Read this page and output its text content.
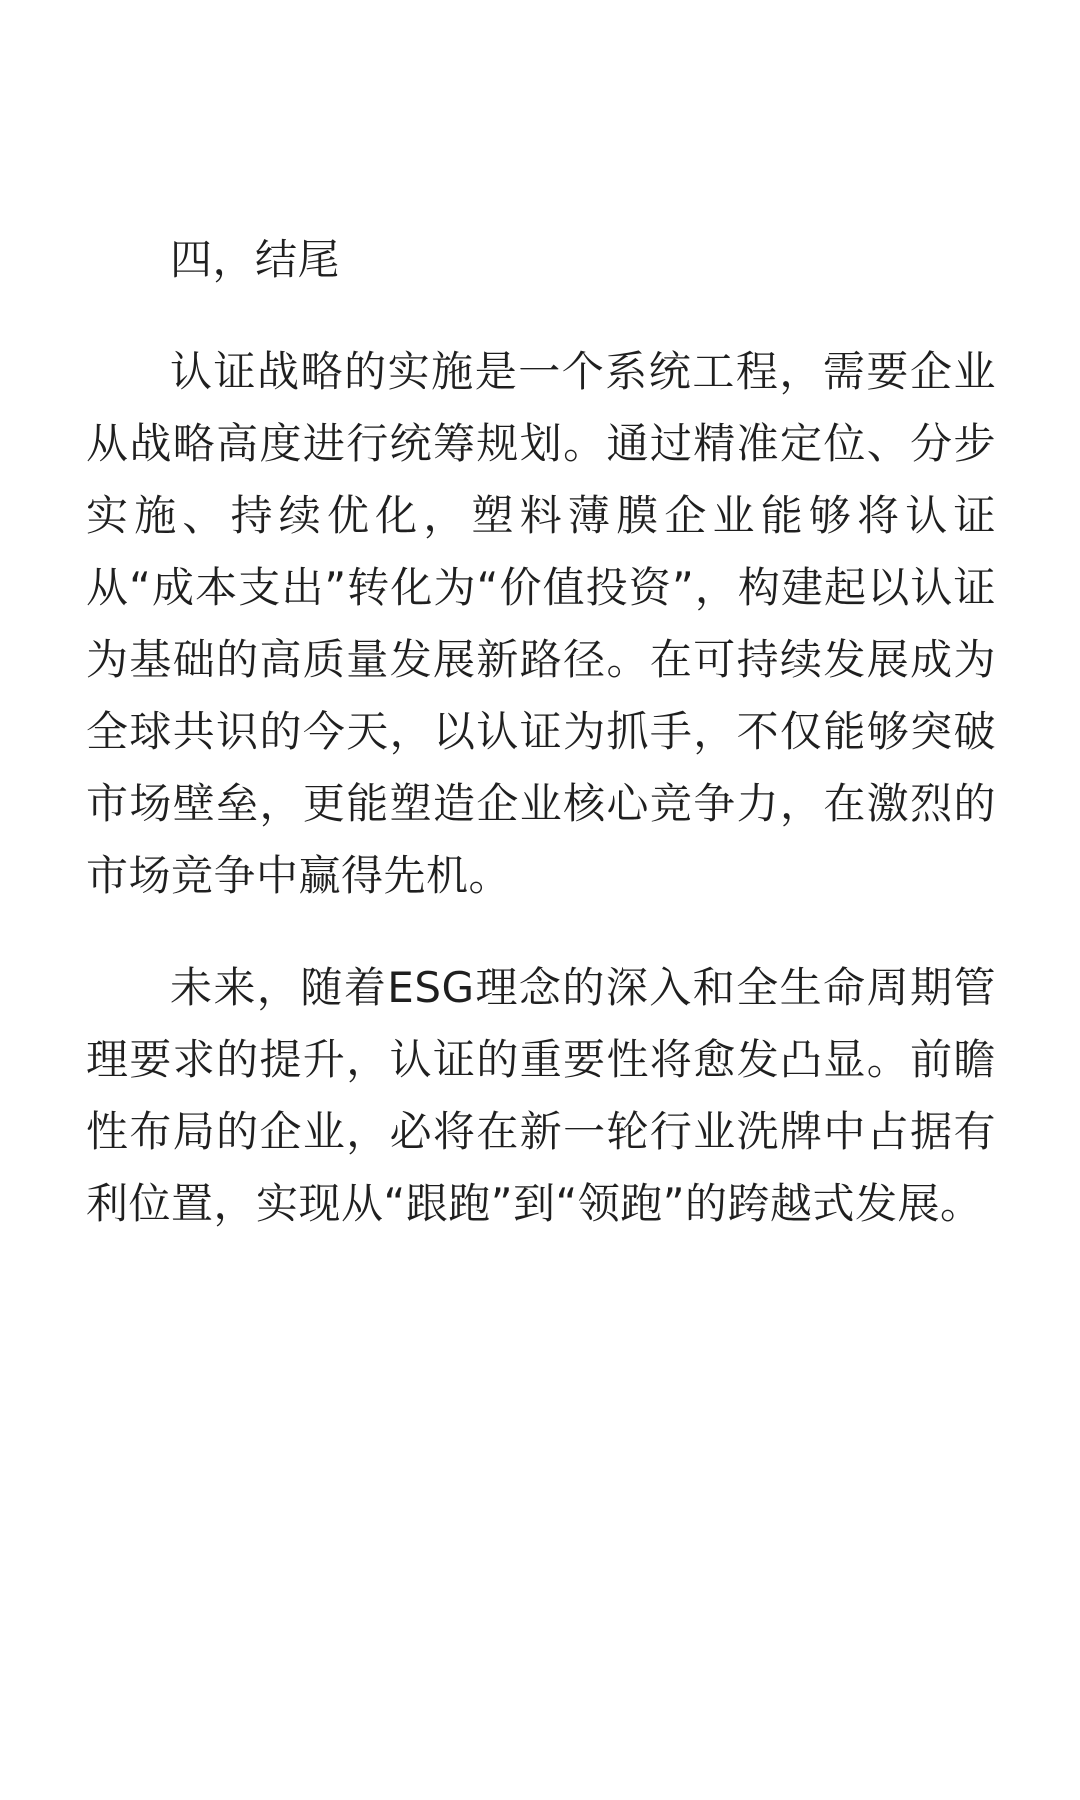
四，结尾

认证战略的实施是一个系统工程，需要企业从战略高度进行统筹规划。通过精准定位、分步实施、持续优化，塑料薄膜企业能够将认证从“成本支出”转化为“价值投资”，构建起以认证为基础的高质量发展新路径。在可持续发展成为全球共识的今天，以认证为抓手，不仅能够突破市场壁垒，更能塑造企业核心竞争力，在激烈的市场竞争中赢得先机。

未来，随着ESG理念的深入和全生命周期管理要求的提升，认证的重要性将愈发凸显。前瞻性布局的企业，必将在新一轮行业洗牌中占据有利位置，实现从“跟跑”到“领跑”的跨越式发展。
